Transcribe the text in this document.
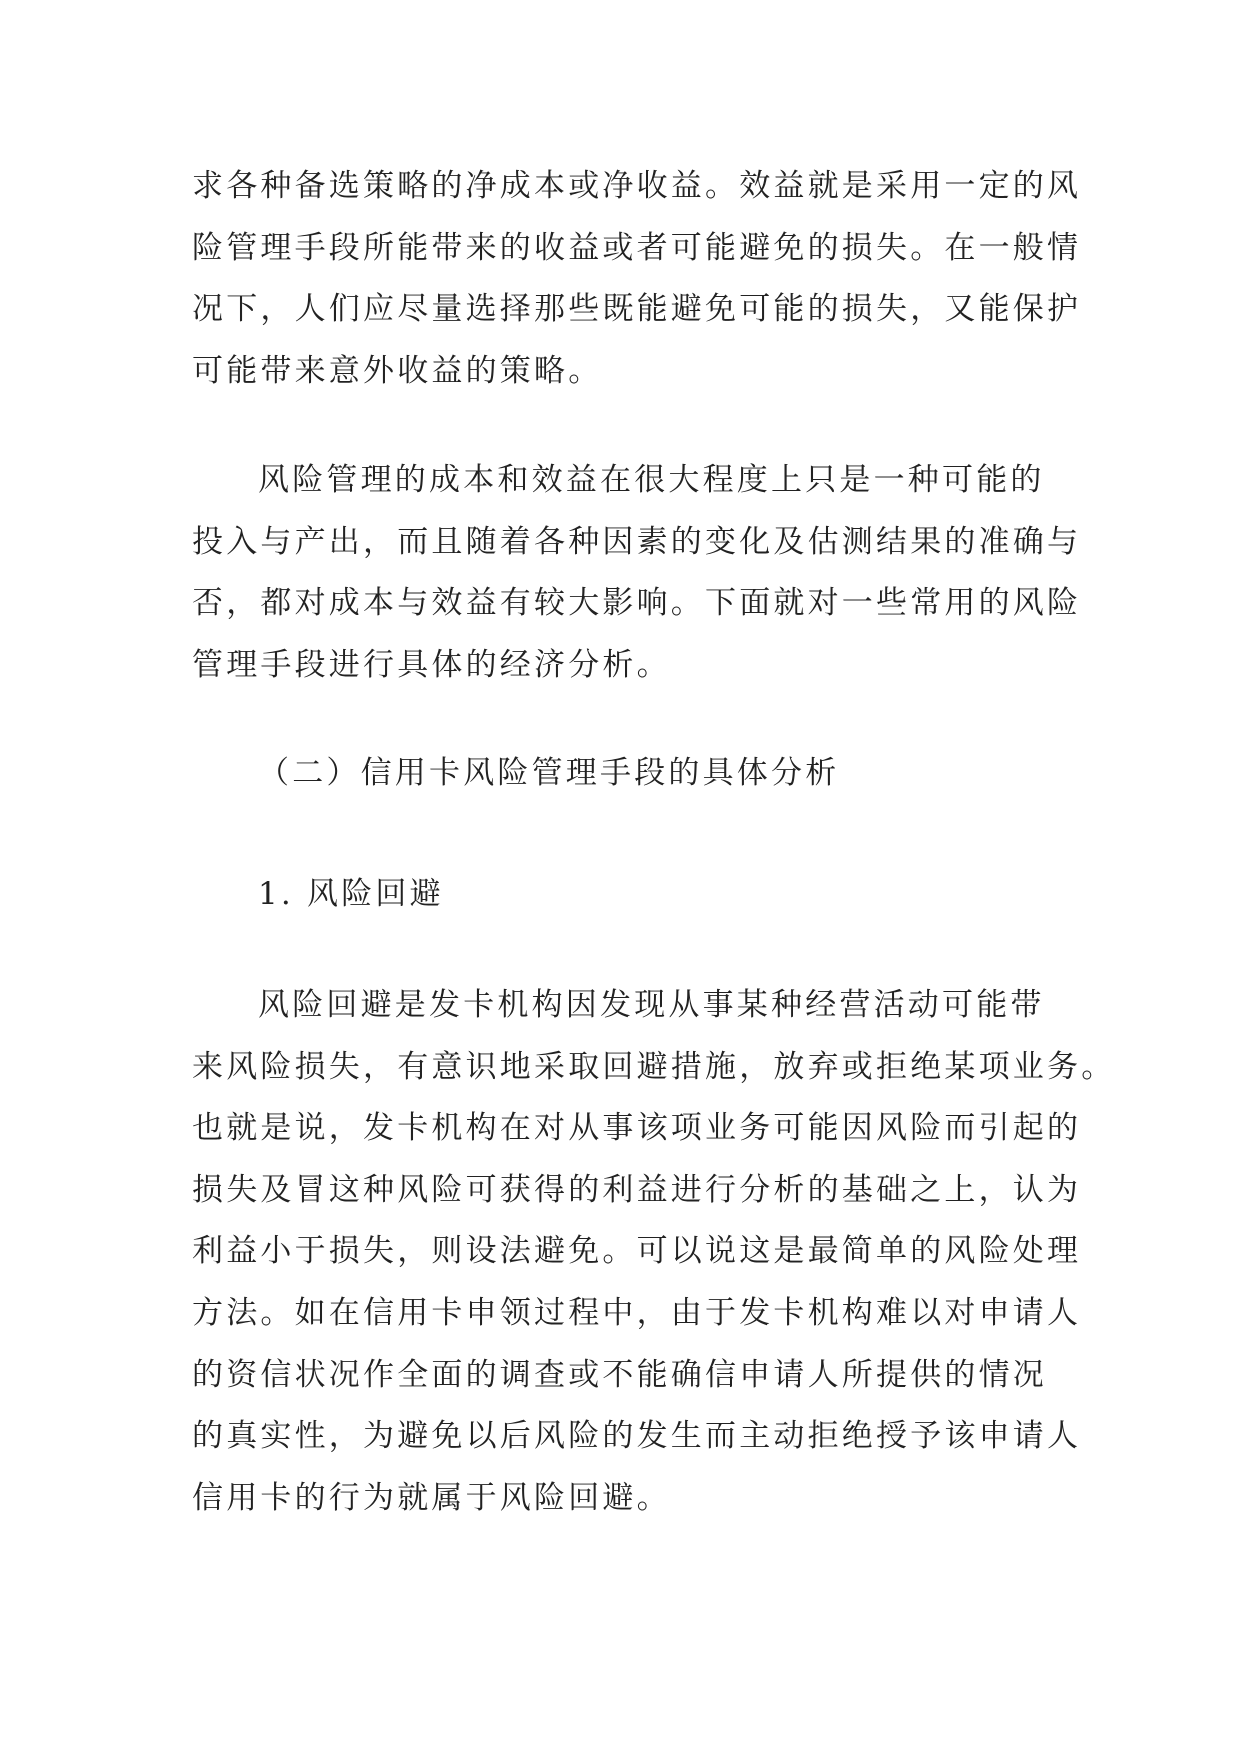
求各种备选策略的净成本或净收益。效益就是采用一定的风
险管理手段所能带来的收益或者可能避免的损失。在一般情
况下，人们应尽量选择那些既能避免可能的损失，又能保护
可能带来意外收益的策略。
风险管理的成本和效益在很大程度上只是一种可能的
投入与产出，而且随着各种因素的变化及估测结果的准确与
否，都对成本与效益有较大影响。下面就对一些常用的风险
管理手段进行具体的经济分析。
（二）信用卡风险管理手段的具体分析
1. 风险回避
风险回避是发卡机构因发现从事某种经营活动可能带
来风险损失，有意识地采取回避措施，放弃或拒绝某项业务。
也就是说，发卡机构在对从事该项业务可能因风险而引起的
损失及冒这种风险可获得的利益进行分析的基础之上，认为
利益小于损失，则设法避免。可以说这是最简单的风险处理
方法。如在信用卡申领过程中，由于发卡机构难以对申请人
的资信状况作全面的调查或不能确信申请人所提供的情况
的真实性，为避免以后风险的发生而主动拒绝授予该申请人
信用卡的行为就属于风险回避。
